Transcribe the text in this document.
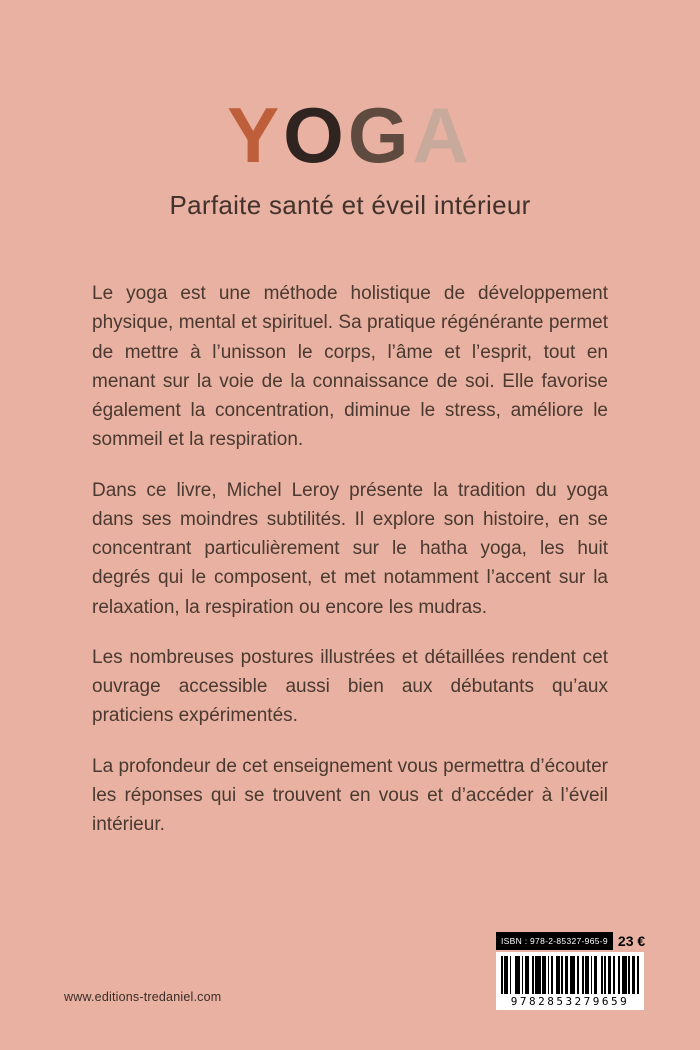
YOGA
Parfaite santé et éveil intérieur

Le yoga est une méthode holistique de développement physique, mental et spirituel. Sa pratique régénérante permet de mettre à l’unisson le corps, l’âme et l’esprit, tout en menant sur la voie de la connaissance de soi. Elle favorise également la concentration, diminue le stress, améliore le sommeil et la respiration.

Dans ce livre, Michel Leroy présente la tradition du yoga dans ses moindres subtilités. Il explore son histoire, en se concentrant particulièrement sur le hatha yoga, les huit degrés qui le composent, et met notamment l’accent sur la relaxation, la respiration ou encore les mudras.

Les nombreuses postures illustrées et détaillées rendent cet ouvrage accessible aussi bien aux débutants qu’aux praticiens expérimentés.

La profondeur de cet enseignement vous permettra d’écouter les réponses qui se trouvent en vous et d’accéder à l’éveil intérieur.

www.editions-tredaniel.com
ISBN : 978-2-85327-965-9 23 €
9782853279659
